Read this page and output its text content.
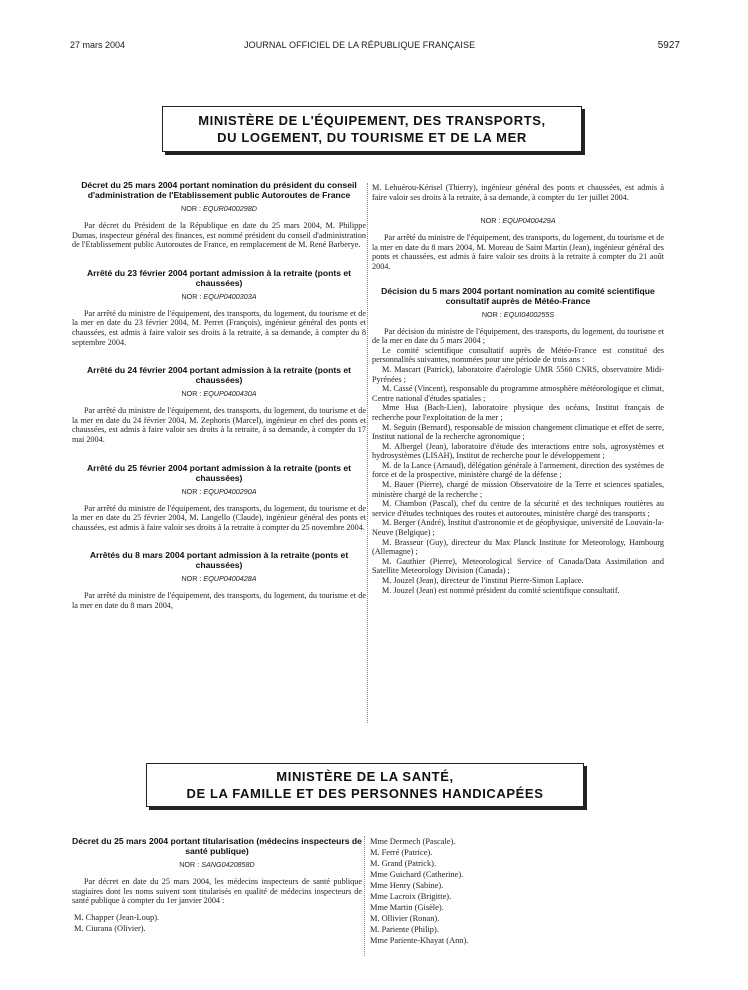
27 mars 2004	JOURNAL OFFICIEL DE LA RÉPUBLIQUE FRANÇAISE	5927
MINISTÈRE DE L'ÉQUIPEMENT, DES TRANSPORTS,
DU LOGEMENT, DU TOURISME ET DE LA MER
Décret du 25 mars 2004 portant nomination du président du conseil d'administration de l'Etablissement public Autoroutes de France
NOR : EQUR0400298D

Par décret du Président de la République en date du 25 mars 2004, M. Philippe Dumas, inspecteur général des finances, est nommé président du conseil d'administration de l'Etablissement public Autoroutes de France, en remplacement de M. René Barberye.

Arrêté du 23 février 2004 portant admission à la retraite (ponts et chaussées)
NOR : EQUP0400303A

Par arrêté du ministre de l'équipement, des transports, du logement, du tourisme et de la mer en date du 23 février 2004, M. Perret (François), ingénieur général des ponts et chaussées, est admis à faire valoir ses droits à la retraite, à sa demande, à compter du 8 septembre 2004.

Arrêté du 24 février 2004 portant admission à la retraite (ponts et chaussées)
NOR : EQUP0400430A

Par arrêté du ministre de l'équipement, des transports, du logement, du tourisme et de la mer en date du 24 février 2004, M. Zephoris (Marcel), ingénieur en chef des ponts et chaussées, est admis à faire valoir ses droits à la retraite, à sa demande, à compter du 17 mai 2004.

Arrêté du 25 février 2004 portant admission à la retraite (ponts et chaussées)
NOR : EQUP0400290A

Par arrêté du ministre de l'équipement, des transports, du logement, du tourisme et de la mer en date du 25 février 2004, M. Langello (Claude), ingénieur général des ponts et chaussées, est admis à faire valoir ses droits à la retraite à compter du 25 novembre 2004.

Arrêtés du 8 mars 2004 portant admission à la retraite (ponts et chaussées)
NOR : EQUP0400428A

Par arrêté du ministre de l'équipement, des transports, du logement, du tourisme et de la mer en date du 8 mars 2004,

M. Lehuérou-Kérisel (Thierry), ingénieur général des ponts et chaussées, est admis à faire valoir ses droits à la retraite, à sa demande, à compter du 1er juillet 2004.

NOR : EQUP0400429A

Par arrêté du ministre de l'équipement, des transports, du logement, du tourisme et de la mer en date du 8 mars 2004, M. Moreau de Saint Martin (Jean), ingénieur général des ponts et chaussées, est admis à faire valoir ses droits à la retraite à compter du 21 août 2004.

Décision du 5 mars 2004 portant nomination au comité scientifique consultatif auprès de Météo-France
NOR : EQUI0400255S

Par décision du ministre de l'équipement, des transports, du logement, du tourisme et de la mer en date du 5 mars 2004 ;

Le comité scientifique consultatif auprès de Météo-France est constitué des personnalités suivantes, nommées pour une période de trois ans :

M. Mascart (Patrick), laboratoire d'aérologie UMR 5560 CNRS, observatoire Midi-Pyrénées ;

M. Cassé (Vincent), responsable du programme atmosphère météorologique et climat, Centre national d'études spatiales ;

Mme Hua (Bach-Lien), laboratoire physique des océans, Institut français de recherche pour l'exploitation de la mer ;

M. Seguin (Bernard), responsable de mission changement climatique et effet de serre, Institut national de la recherche agronomique ;

M. Albergel (Jean), laboratoire d'étude des interactions entre sols, agrosystèmes et hydrosystèmes (LISAH), Institut de recherche pour le développement ;

M. de la Lance (Arnaud), délégation générale à l'armement, direction des systèmes de force et de la prospective, ministère chargé de la défense ;

M. Bauer (Pierre), chargé de mission Observatoire de la Terre et sciences spatiales, ministère chargé de la recherche ;

M. Chambon (Pascal), chef du centre de la sécurité et des techniques routières au service d'études techniques des routes et autoroutes, ministère chargé des transports ;

M. Berger (André), Institut d'astronomie et de géophysique, université de Louvain-la-Neuve (Belgique) ;

M. Brasseur (Guy), directeur du Max Planck Institute for Meteorology, Hambourg (Allemagne) ;

M. Gauthier (Pierre), Meteorological Service of Canada/Data Assimilation and Satellite Meteorology Division (Canada) ;

M. Jouzel (Jean), directeur de l'institut Pierre-Simon Laplace.

M. Jouzel (Jean) est nommé président du comité scientifique consultatif.

MINISTÈRE DE LA SANTÉ,
DE LA FAMILLE ET DES PERSONNES HANDICAPÉES
Décret du 25 mars 2004 portant titularisation (médecins inspecteurs de santé publique)
NOR : SANG0420858D

Par décret en date du 25 mars 2004, les médecins inspecteurs de santé publique stagiaires dont les noms suivent sont titularisés en qualité de médecins inspecteurs de santé publique à compter du 1er janvier 2004 :

M. Chapper (Jean-Loup).
M. Ciurana (Olivier).
Mme Dermech (Pascale).
M. Ferré (Patrice).
M. Grand (Patrick).
Mme Guichard (Catherine).
Mme Henry (Sabine).
Mme Lacroix (Brigitte).
Mme Martin (Gisèle).
M. Ollivier (Ronan).
M. Pariente (Philip).
Mme Pariente-Khayat (Ann).
